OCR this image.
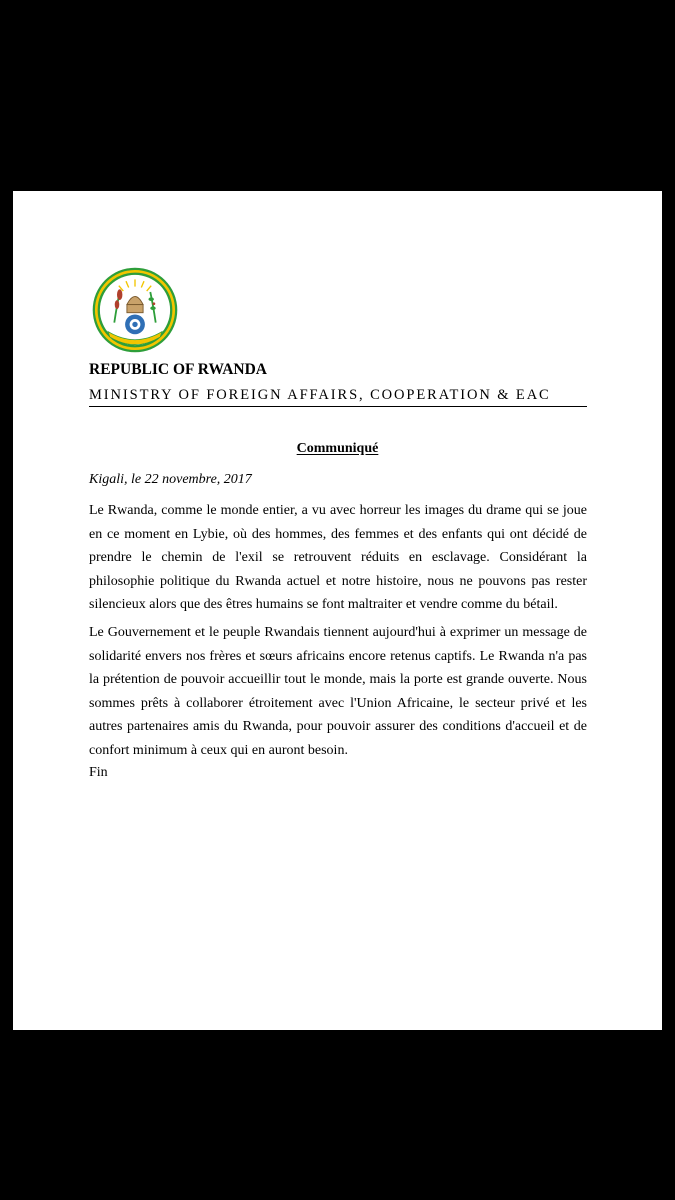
REPUBLIC OF RWANDA
MINISTRY OF FOREIGN AFFAIRS, COOPERATION & EAC
Communiqué
Kigali, le 22 novembre, 2017
Le Rwanda, comme le monde entier, a vu avec horreur les images du drame qui se joue en ce moment en Lybie, où des hommes, des femmes et des enfants qui ont décidé de prendre le chemin de l'exil se retrouvent réduits en esclavage. Considérant la philosophie politique du Rwanda actuel et notre histoire, nous ne pouvons pas rester silencieux alors que des êtres humains se font maltraiter et vendre comme du bétail.
Le Gouvernement et le peuple Rwandais tiennent aujourd'hui à exprimer un message de solidarité envers nos frères et sœurs africains encore retenus captifs. Le Rwanda n'a pas la prétention de pouvoir accueillir tout le monde, mais la porte est grande ouverte. Nous sommes prêts à collaborer étroitement avec l'Union Africaine, le secteur privé et les autres partenaires amis du Rwanda, pour pouvoir assurer des conditions d'accueil et de confort minimum à ceux qui en auront besoin.
Fin
